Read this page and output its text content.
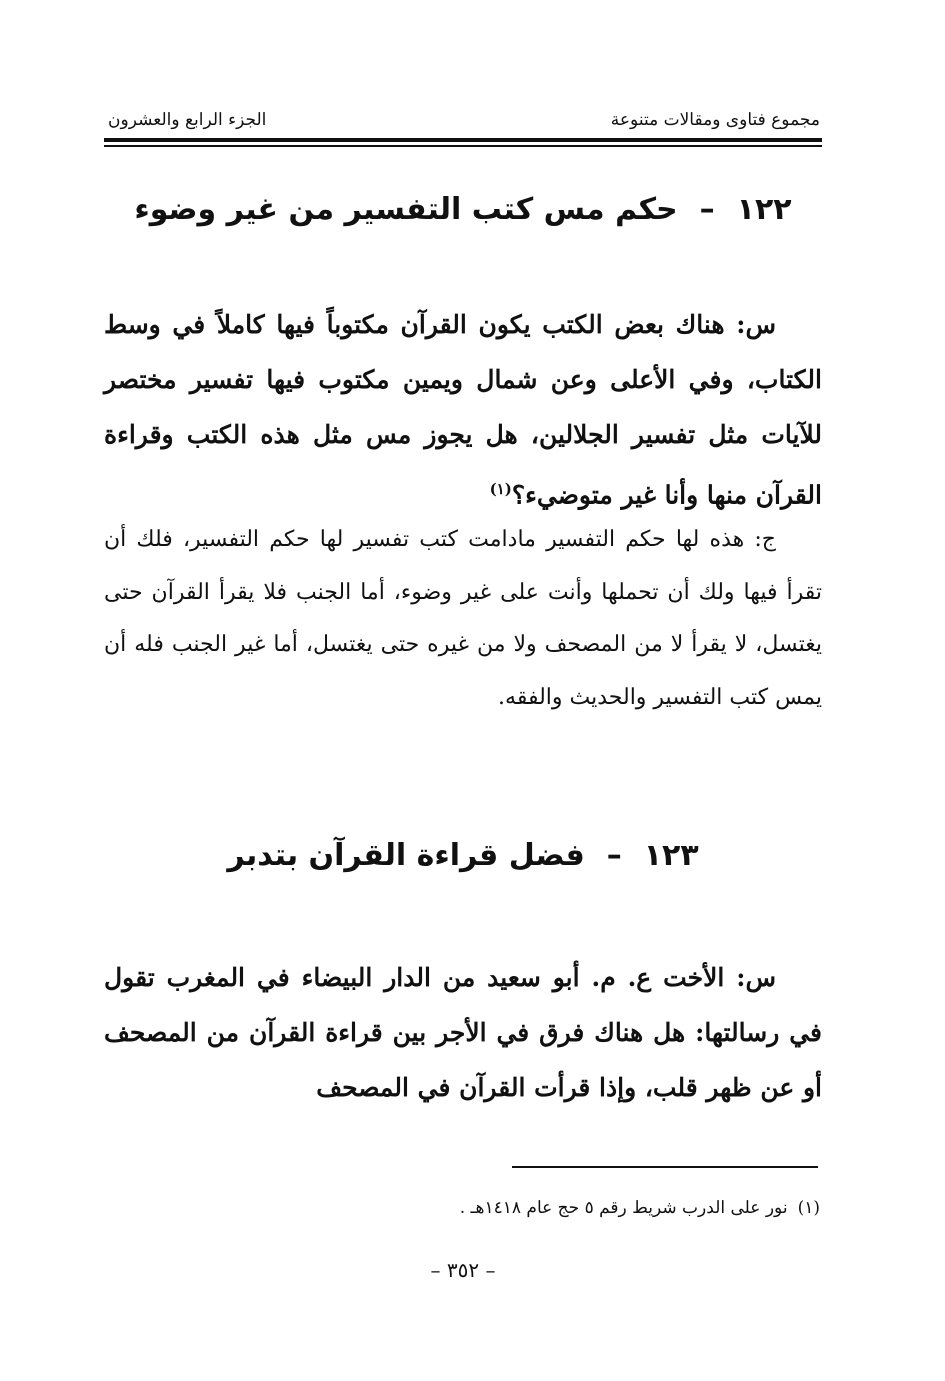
مجموع فتاوى ومقالات متنوعة
الجزء الرابع والعشرون
١٢٢–حكم مس كتب التفسير من غير وضوء

س: هناك بعض الكتب يكون القرآن مكتوباً فيها كاملاً في وسط الكتاب، وفي الأعلى وعن شمال ويمين مكتوب فيها تفسير مختصر للآيات مثل تفسير الجلالين، هل يجوز مس مثل هذه الكتب وقراءة القرآن منها وأنا غير متوضيء؟$^{(١)}$

ج: هذه لها حكم التفسير مادامت كتب تفسير لها حكم التفسير، فلك أن تقرأ فيها ولك أن تحملها وأنت على غير وضوء، أما الجنب فلا يقرأ القرآن حتى يغتسل، لا يقرأ لا من المصحف ولا من غيره حتى يغتسل، أما غير الجنب فله أن يمس كتب التفسير والحديث والفقه.

١٢٣–فضل قراءة القرآن بتدبر

س: الأخت ع. م. أبو سعيد من الدار البيضاء في المغرب تقول في رسالتها: هل هناك فرق في الأجر بين قراءة القرآن من المصحف أو عن ظهر قلب، وإذا قرأت القرآن في المصحف

(١)نور على الدرب شريط رقم ٥ حج عام ١٤١٨هـ .
– ٣٥٢ –
